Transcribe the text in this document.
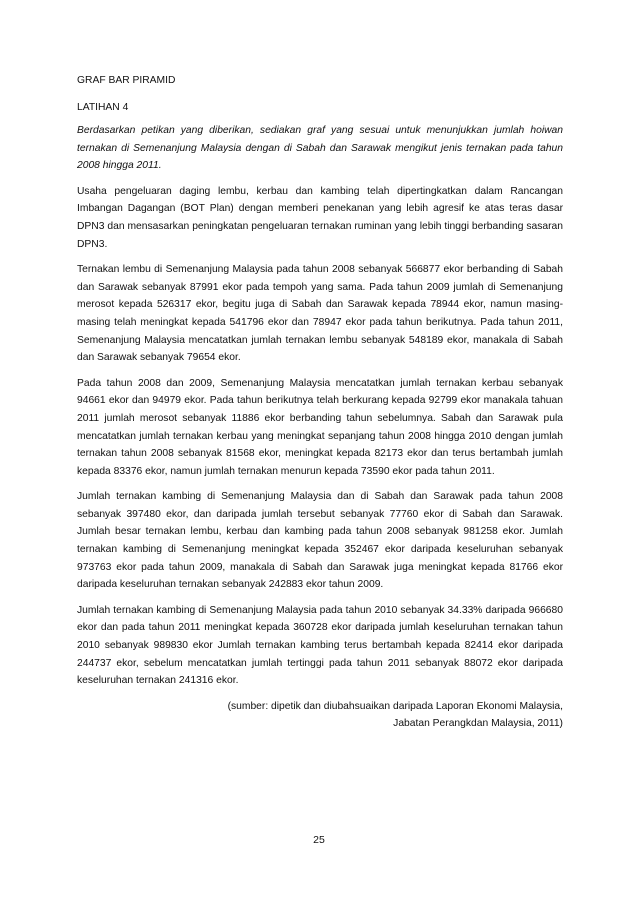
GRAF BAR PIRAMID
LATIHAN 4

Berdasarkan petikan yang diberikan, sediakan graf yang sesuai untuk menunjukkan jumlah hoiwan ternakan di Semenanjung Malaysia dengan di Sabah dan Sarawak mengikut jenis ternakan pada tahun 2008 hingga 2011.

Usaha pengeluaran daging lembu, kerbau dan kambing telah dipertingkatkan dalam Rancangan Imbangan Dagangan (BOT Plan) dengan memberi penekanan yang lebih agresif ke atas teras dasar DPN3 dan mensasarkan peningkatan pengeluaran ternakan ruminan yang lebih tinggi berbanding sasaran DPN3.

Ternakan lembu di Semenanjung Malaysia pada tahun 2008 sebanyak 566877 ekor berbanding di Sabah dan Sarawak sebanyak 87991 ekor pada tempoh yang sama. Pada tahun 2009 jumlah di Semenanjung merosot kepada 526317 ekor, begitu juga di Sabah dan Sarawak kepada 78944 ekor, namun masing-masing telah meningkat kepada 541796 ekor dan 78947 ekor pada tahun berikutnya. Pada tahun 2011, Semenanjung Malaysia mencatatkan jumlah ternakan lembu sebanyak 548189 ekor, manakala di Sabah dan Sarawak sebanyak 79654 ekor.

Pada tahun 2008 dan 2009, Semenanjung Malaysia mencatatkan jumlah ternakan kerbau sebanyak 94661 ekor dan 94979 ekor. Pada tahun berikutnya telah berkurang kepada 92799 ekor manakala tahuan 2011 jumlah merosot sebanyak 11886 ekor berbanding tahun sebelumnya. Sabah dan Sarawak pula mencatatkan jumlah ternakan kerbau yang meningkat sepanjang tahun 2008 hingga 2010 dengan jumlah ternakan tahun 2008 sebanyak 81568 ekor, meningkat kepada 82173 ekor dan terus bertambah jumlah kepada 83376 ekor, namun jumlah ternakan menurun kepada 73590 ekor pada tahun 2011.

Jumlah ternakan kambing di Semenanjung Malaysia dan di Sabah dan Sarawak pada tahun 2008 sebanyak 397480 ekor, dan daripada jumlah tersebut sebanyak 77760 ekor di Sabah dan Sarawak. Jumlah besar ternakan lembu, kerbau dan kambing pada tahun 2008 sebanyak 981258 ekor. Jumlah ternakan kambing di Semenanjung meningkat kepada 352467 ekor daripada keseluruhan sebanyak 973763 ekor pada tahun 2009, manakala di Sabah dan Sarawak juga meningkat kepada 81766 ekor daripada keseluruhan ternakan sebanyak 242883 ekor tahun 2009.

Jumlah ternakan kambing di Semenanjung Malaysia pada tahun 2010 sebanyak 34.33% daripada 966680 ekor dan pada tahun 2011 meningkat kepada 360728 ekor daripada jumlah keseluruhan ternakan tahun 2010 sebanyak 989830 ekor Jumlah ternakan kambing terus bertambah kepada 82414 ekor daripada 244737 ekor, sebelum mencatatkan jumlah tertinggi pada tahun 2011 sebanyak 88072 ekor daripada keseluruhan ternakan 241316 ekor.

(sumber: dipetik dan diubahsuaikan daripada Laporan Ekonomi Malaysia,
Jabatan Perangkdan Malaysia, 2011)
25
